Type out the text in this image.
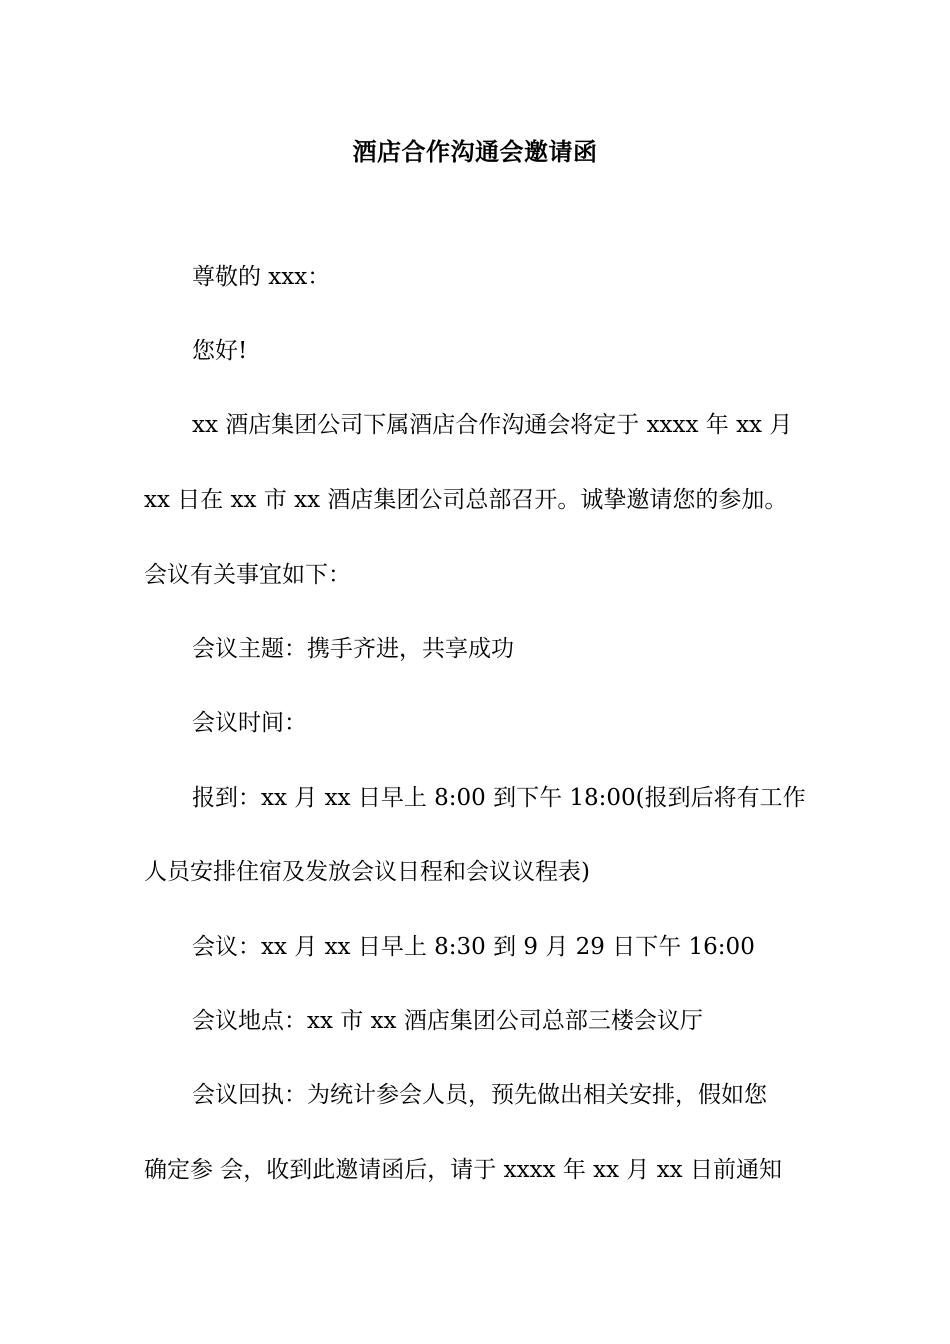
酒店合作沟通会邀请函
尊敬的 xxx：
您好!
xx 酒店集团公司下属酒店合作沟通会将定于 xxxx 年 xx 月
xx 日在 xx 市 xx 酒店集团公司总部召开。诚挚邀请您的参加。
会议有关事宜如下：
会议主题：携手齐进，共享成功
会议时间：
报到：xx 月 xx 日早上 8:00 到下午 18:00(报到后将有工作
人员安排住宿及发放会议日程和会议议程表)
会议：xx 月 xx 日早上 8:30 到 9 月 29 日下午 16:00
会议地点：xx 市 xx 酒店集团公司总部三楼会议厅
会议回执：为统计参会人员，预先做出相关安排，假如您
确定参 会，收到此邀请函后，请于 xxxx 年 xx 月 xx 日前通知
